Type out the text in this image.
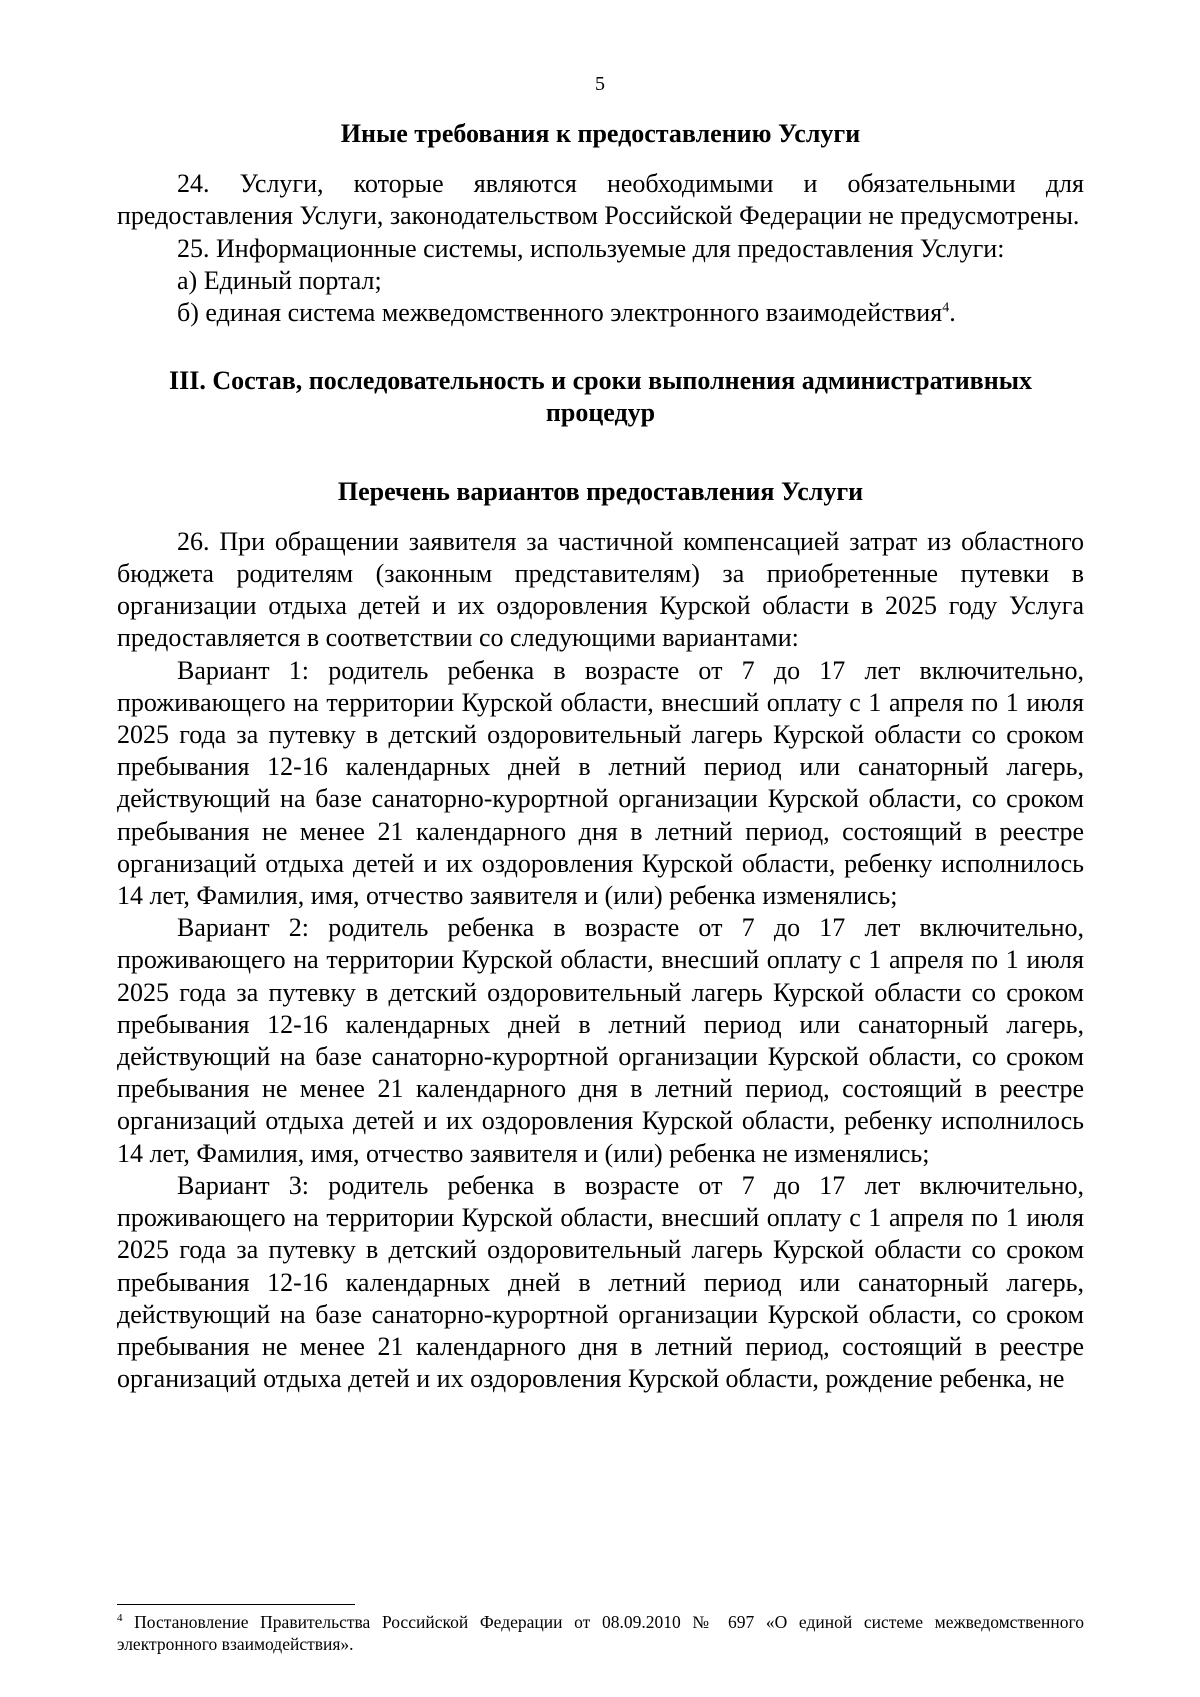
5

Иные требования к предоставлению Услуги

24. Услуги, которые являются необходимыми и обязательными для предоставления Услуги, законодательством Российской Федерации не предусмотрены.

25. Информационные системы, используемые для предоставления Услуги:

а) Единый портал;

б) единая система межведомственного электронного взаимодействия$^4$.

III. Состав, последовательность и сроки выполнения административных процедур

Перечень вариантов предоставления Услуги

26. При обращении заявителя за частичной компенсацией затрат из областного бюджета родителям (законным представителям) за приобретенные путевки в организации отдыха детей и их оздоровления Курской области в 2025 году Услуга предоставляется в соответствии со следующими вариантами:

Вариант 1: родитель ребенка в возрасте от 7 до 17 лет включительно, проживающего на территории Курской области, внесший оплату с 1 апреля по 1 июля 2025 года за путевку в детский оздоровительный лагерь Курской области со сроком пребывания 12-16 календарных дней в летний период или санаторный лагерь, действующий на базе санаторно-курортной организации Курской области, со сроком пребывания не менее 21 календарного дня в летний период, состоящий в реестре организаций отдыха детей и их оздоровления Курской области, ребенку исполнилось 14 лет, Фамилия, имя, отчество заявителя и (или) ребенка изменялись;

Вариант 2: родитель ребенка в возрасте от 7 до 17 лет включительно, проживающего на территории Курской области, внесший оплату с 1 апреля по 1 июля 2025 года за путевку в детский оздоровительный лагерь Курской области со сроком пребывания 12-16 календарных дней в летний период или санаторный лагерь, действующий на базе санаторно-курортной организации Курской области, со сроком пребывания не менее 21 календарного дня в летний период, состоящий в реестре организаций отдыха детей и их оздоровления Курской области, ребенку исполнилось 14 лет, Фамилия, имя, отчество заявителя и (или) ребенка не изменялись;

Вариант 3: родитель ребенка в возрасте от 7 до 17 лет включительно, проживающего на территории Курской области, внесший оплату с 1 апреля по 1 июля 2025 года за путевку в детский оздоровительный лагерь Курской области со сроком пребывания 12-16 календарных дней в летний период или санаторный лагерь, действующий на базе санаторно-курортной организации Курской области, со сроком пребывания не менее 21 календарного дня в летний период, состоящий в реестре организаций отдыха детей и их оздоровления Курской области, рождение ребенка, не

$^4$ Постановление Правительства Российской Федерации от 08.09.2010 № 697 «О единой системе межведомственного электронного взаимодействия».
